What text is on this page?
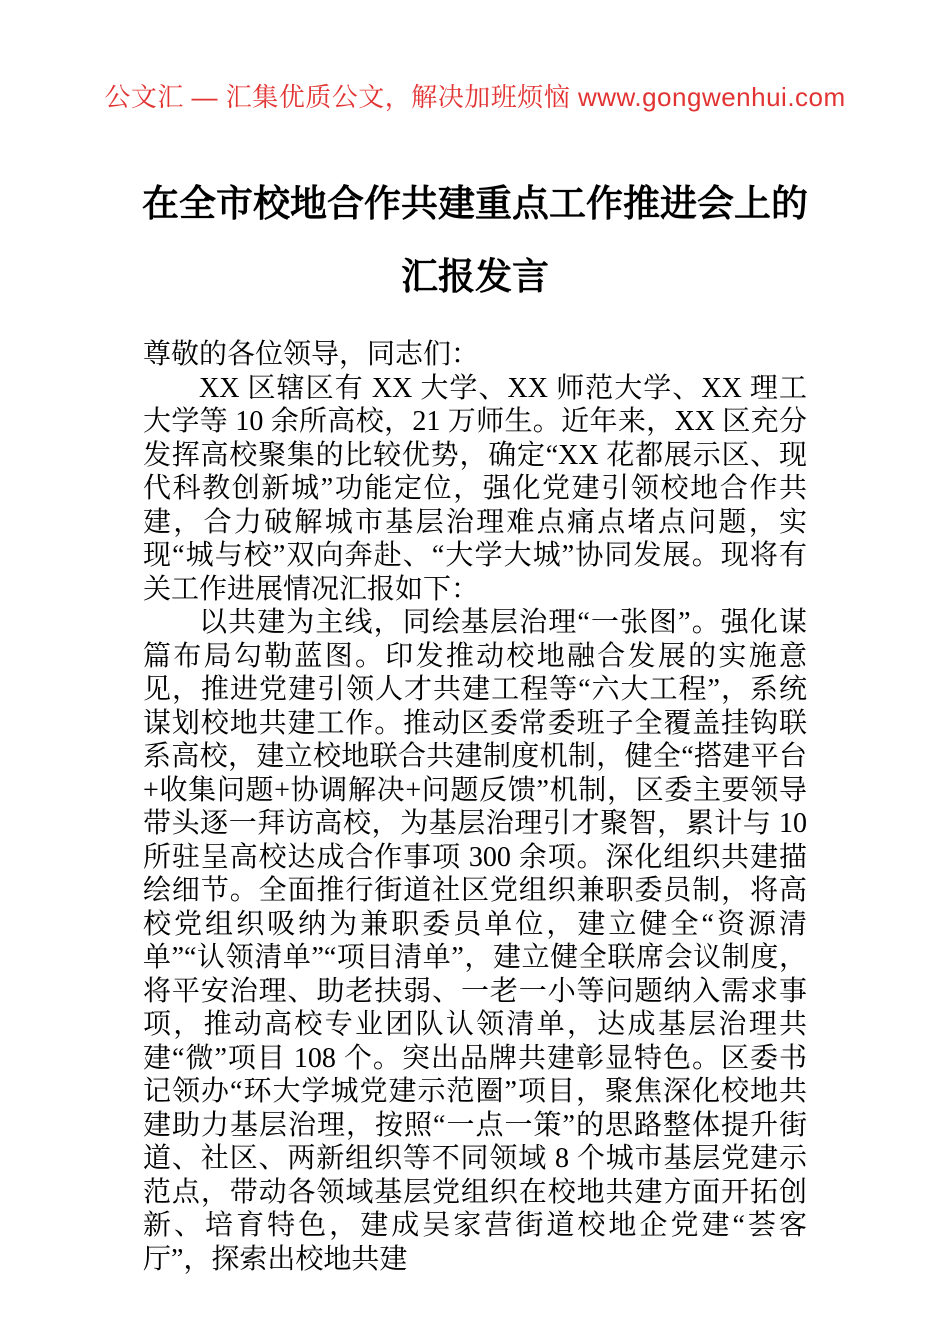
公文汇 — 汇集优质公文，解决加班烦恼 www.gongwenhui.com
在全市校地合作共建重点工作推进会上的
汇报发言

尊敬的各位领导，同志们：

XX 区辖区有 XX 大学、XX 师范大学、XX 理工大学等 10 余所高校，21 万师生。近年来，XX 区充分发挥高校聚集的比较优势，确定“XX 花都展示区、现代科教创新城”功能定位，强化党建引领校地合作共建，合力破解城市基层治理难点痛点堵点问题，实现“城与校”双向奔赴、“大学大城”协同发展。现将有关工作进展情况汇报如下：

以共建为主线，同绘基层治理“一张图”。强化谋篇布局勾勒蓝图。印发推动校地融合发展的实施意见，推进党建引领人才共建工程等“六大工程”，系统谋划校地共建工作。推动区委常委班子全覆盖挂钩联系高校，建立校地联合共建制度机制，健全“搭建平台+收集问题+协调解决+问题反馈”机制，区委主要领导带头逐一拜访高校，为基层治理引才聚智，累计与 10 所驻呈高校达成合作事项 300 余项。深化组织共建描绘细节。全面推行街道社区党组织兼职委员制，将高校党组织吸纳为兼职委员单位，建立健全“资源清单”“认领清单”“项目清单”，建立健全联席会议制度，将平安治理、助老扶弱、一老一小等问题纳入需求事项，推动高校专业团队认领清单，达成基层治理共建“微”项目 108 个。突出品牌共建彰显特色。区委书记领办“环大学城党建示范圈”项目，聚焦深化校地共建助力基层治理，按照“一点一策”的思路整体提升街道、社区、两新组织等不同领域 8 个城市基层党建示范点，带动各领域基层党组织在校地共建方面开拓创新、培育特色，建成吴家营街道校地企党建“荟客厅”，探索出校地共建
